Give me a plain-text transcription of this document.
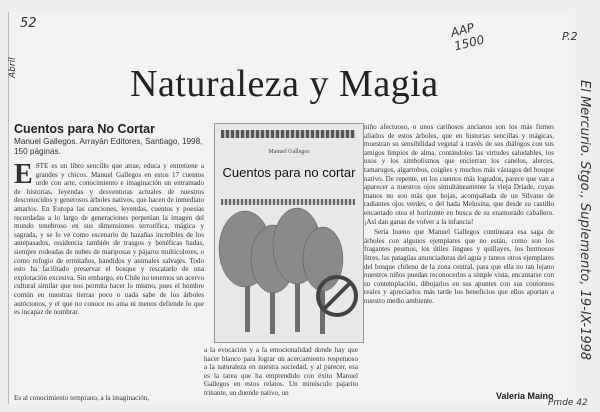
52
Abril
AAP 1500	P.2
El Mercurio. Stgo., Suplemento, 19-IX-1998
Pmde 42
Naturaleza y Magia
Cuentos para No Cortar
Manuel Gallegos. Arrayán Editores, Santiago, 1998, 150 páginas.
ESTE es un libro sencillo que atrae, educa y entretiene a grandes y chicos. Manuel Gallegos en estos 17 cuentos urde con arte, conocimiento e imaginación un entramado de historias, leyendas y desventuras actuales de nuestros desconocidos y generosos árboles nativos, que hacen de inmediato amarlos. En Europa las canciones, leyendas, cuentos y poesías recordadas a lo largo de generaciones perpetúan la imagen del mundo tenebroso en sus dimensiones terrorífica, mágica y sagrada, y se lo ve como escenario de hazañas increíbles de los antepasados, residencia también de trasgos y benéficas hadas, siempre rodeadas de nubes de mariposas y pájaros multicolores, o como refugio de ermitaños, bandidos y animales salvajes. Todo esto ha facilitado preservar el bosque y rescatarlo de una explotación excesiva. Sin embargo, en Chile no tenemos un acervo cultural similar que nos permita hacer lo mismo, pues el hombre común en nuestras tierras poco o nada sabe de los árboles autóctonos, y el que no conoce no ama ni menos defiende lo que es incapaz de nombrar.
Es al conocimiento temprano, a la imaginación,
Manuel Gallegos
Cuentos para no cortar
a la evocación y a la emocionalidad donde hay que hacer blanco para lograr un acercamiento respetuoso a la naturaleza en nuestra sociedad, y al parecer, esa es la tarea que ha emprendido con éxito Manuel Gallegos en estos relatos. Un minúsculo pajarito trinante, un duende nativo, un
niño afectuoso, o unos cariñosos ancianos son los más firmes aliados de estos árboles, que en historias sencillas y mágicas, muestran su sensibilidad vegetal a través de sus diálogos con sus amigos limpios de alma, contándoles las virtudes saludables, los usos y los simbolismos que encierran los canelos, alerces, tamarugos, algarrobos, coigües y muchos más vástagos del bosque nativo. De repente, en los cuentos más logrados, parece que van a aparecer a nuestros ojos simultáneamente la vieja Dríade, cuyas manos no son más que hojas, acompañada de un Silvano de radiantes ojos verdes, o del hada Melusina, que desde su castillo encantado otea el horizonte en busca de su enamorado caballero. ¡Así dan ganas de volver a la infancia!
Sería bueno que Manuel Gallegos continuara esa saga de árboles con algunos ejemplares que no están, como son los fragantes peumos, los útiles lingues y quillayes, los hermosos litres, las patagüas anunciadoras del agua y tantos otros ejemplares del bosque chileno de la zona central, para que ella no tan lejano nuestros niños puedan reconocerlos a simple vista, encantarse con su contemplación, dibujarlos en sus apuntes con sus contornos reales y apreciarlos más tarde los beneficios que ellos aportan a nuestro medio ambiente.
Valeria Maino
